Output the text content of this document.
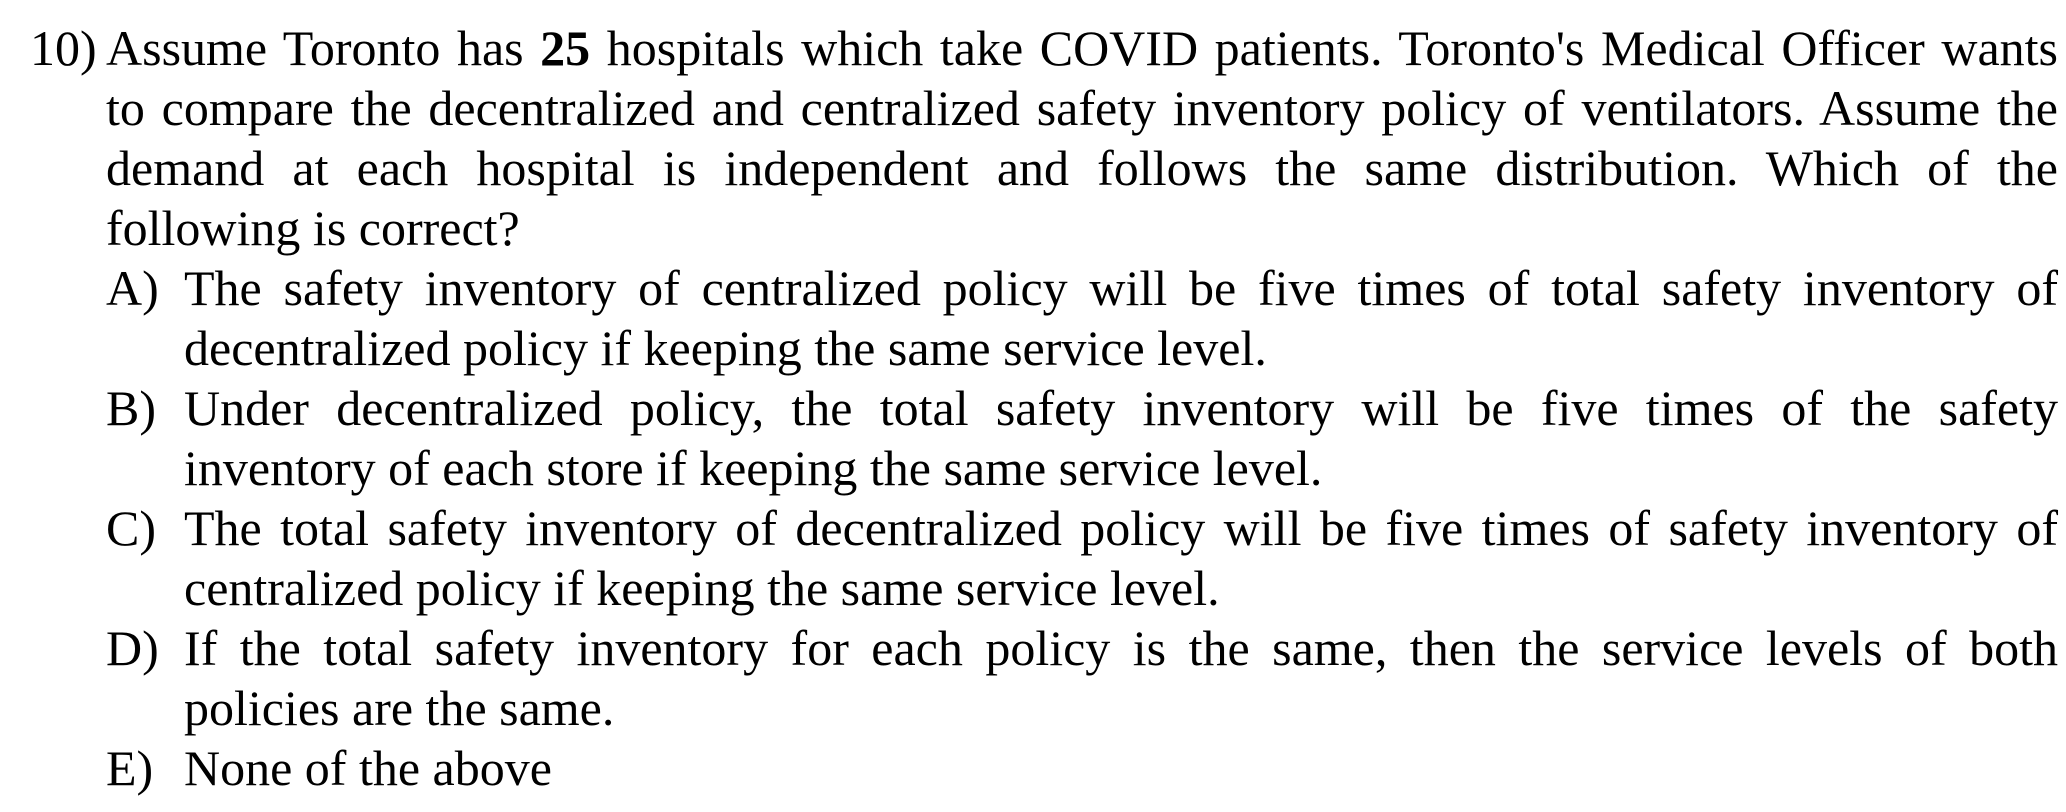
10) Assume Toronto has 25 hospitals which take COVID patients. Toronto's Medical Officer wants to compare the decentralized and centralized safety inventory policy of ventilators. Assume the demand at each hospital is independent and follows the same distribution. Which of the following is correct?

A) The safety inventory of centralized policy will be five times of total safety inventory of decentralized policy if keeping the same service level.
B) Under decentralized policy, the total safety inventory will be five times of the safety inventory of each store if keeping the same service level.
C) The total safety inventory of decentralized policy will be five times of safety inventory of centralized policy if keeping the same service level.
D) If the total safety inventory for each policy is the same, then the service levels of both policies are the same.
E) None of the above
